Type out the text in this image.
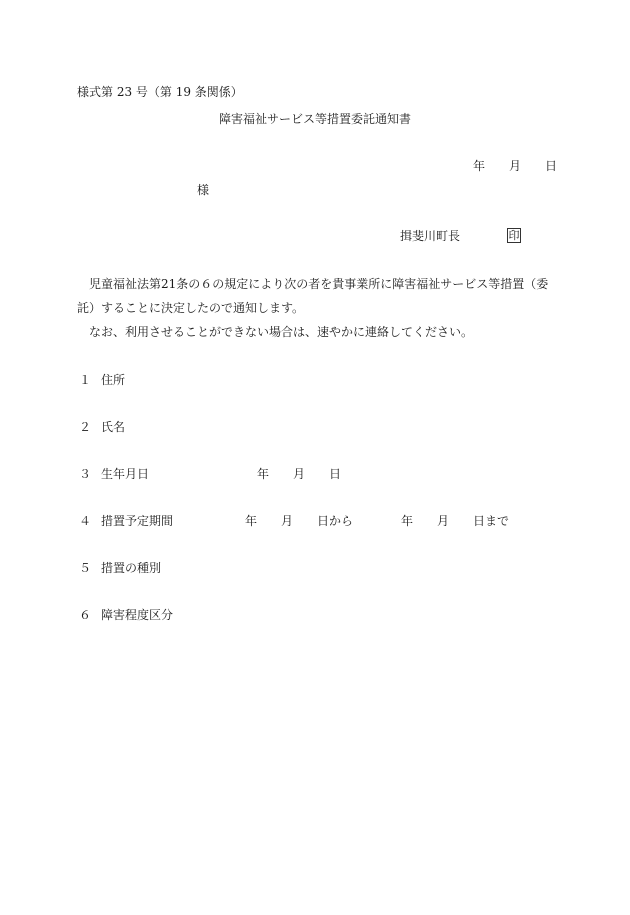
様式第 23 号（第 19 条関係）
障害福祉サービス等措置委託通知書
年 月 日
様
揖斐川町長	印
　児童福祉法第21条の６の規定により次の者を貴事業所に障害福祉サービス等措置（委
託）することに決定したので通知します。
　なお、利用させることができない場合は、速やかに連絡してください。
１ 住所
２ 氏名
３ 生年月日	年 月 日
４ 措置予定期間	年 月 日から	年 月 日まで
５ 措置の種別
６ 障害程度区分
